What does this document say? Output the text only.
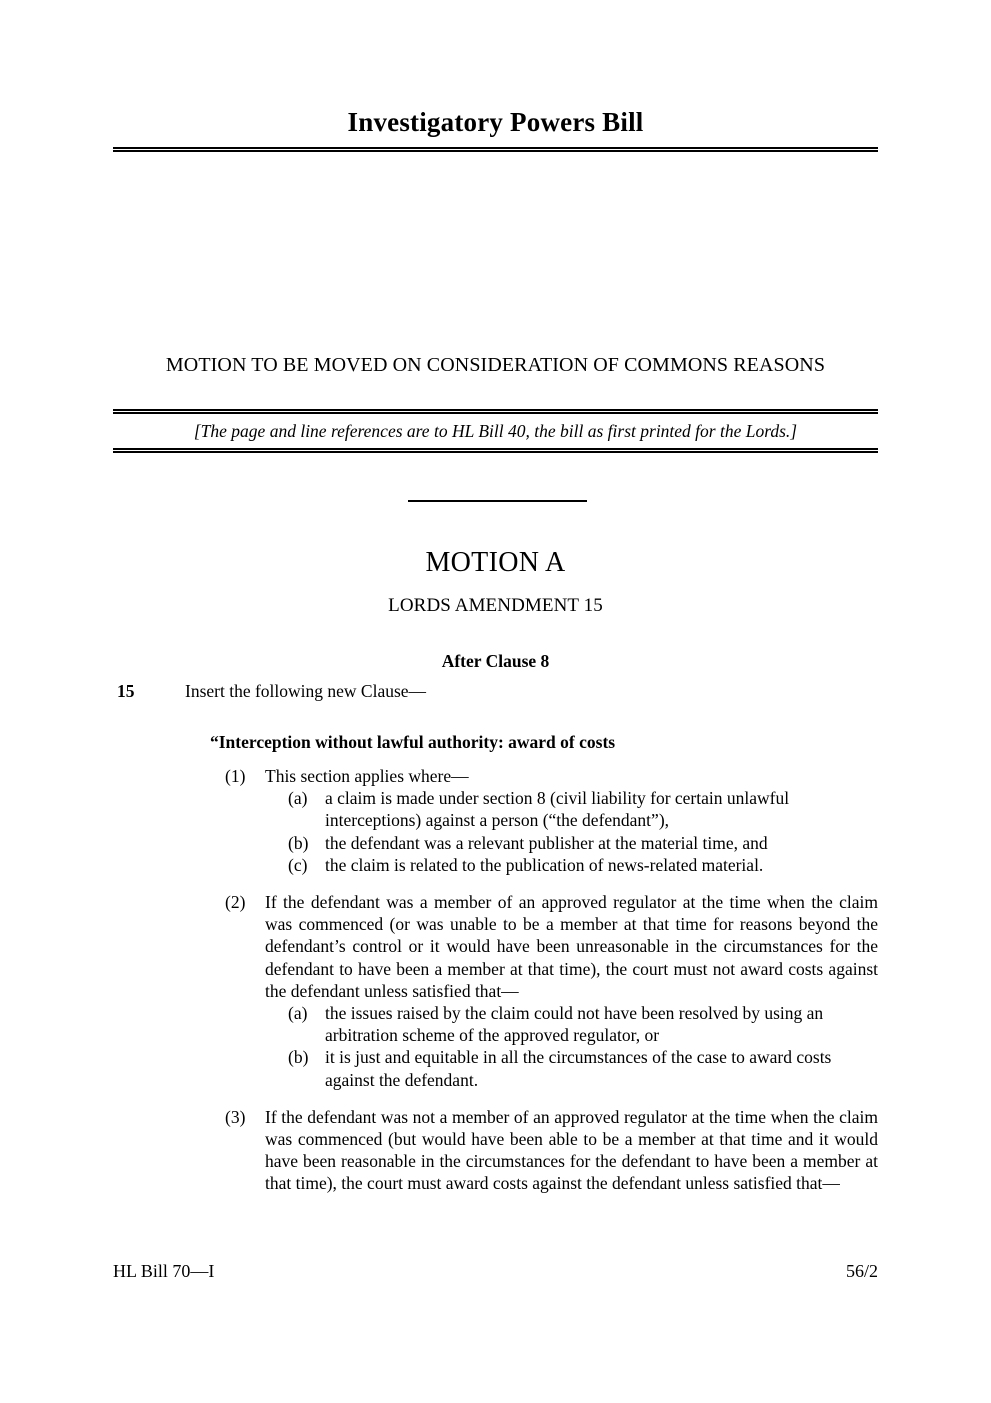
Investigatory Powers Bill
MOTION TO BE MOVED ON CONSIDERATION OF COMMONS REASONS
[The page and line references are to HL Bill 40, the bill as first printed for the Lords.]
MOTION A
LORDS AMENDMENT 15
After Clause 8
15	Insert the following new Clause—
“Interception without lawful authority: award of costs
(1)	This section applies where—
(a)	a claim is made under section 8 (civil liability for certain unlawful interceptions) against a person (“the defendant”),
(b) the defendant was a relevant publisher at the material time, and
(c)	the claim is related to the publication of news-related material.
(2)	If the defendant was a member of an approved regulator at the time when the claim was commenced (or was unable to be a member at that time for reasons beyond the defendant’s control or it would have been unreasonable in the circumstances for the defendant to have been a member at that time), the court must not award costs against the defendant unless satisfied that—
(a)	the issues raised by the claim could not have been resolved by using an arbitration scheme of the approved regulator, or
(b) it is just and equitable in all the circumstances of the case to award costs against the defendant.
(3)	If the defendant was not a member of an approved regulator at the time when the claim was commenced (but would have been able to be a member at that time and it would have been reasonable in the circumstances for the defendant to have been a member at that time), the court must award costs against the defendant unless satisfied that—
HL Bill 70—I	56/2
